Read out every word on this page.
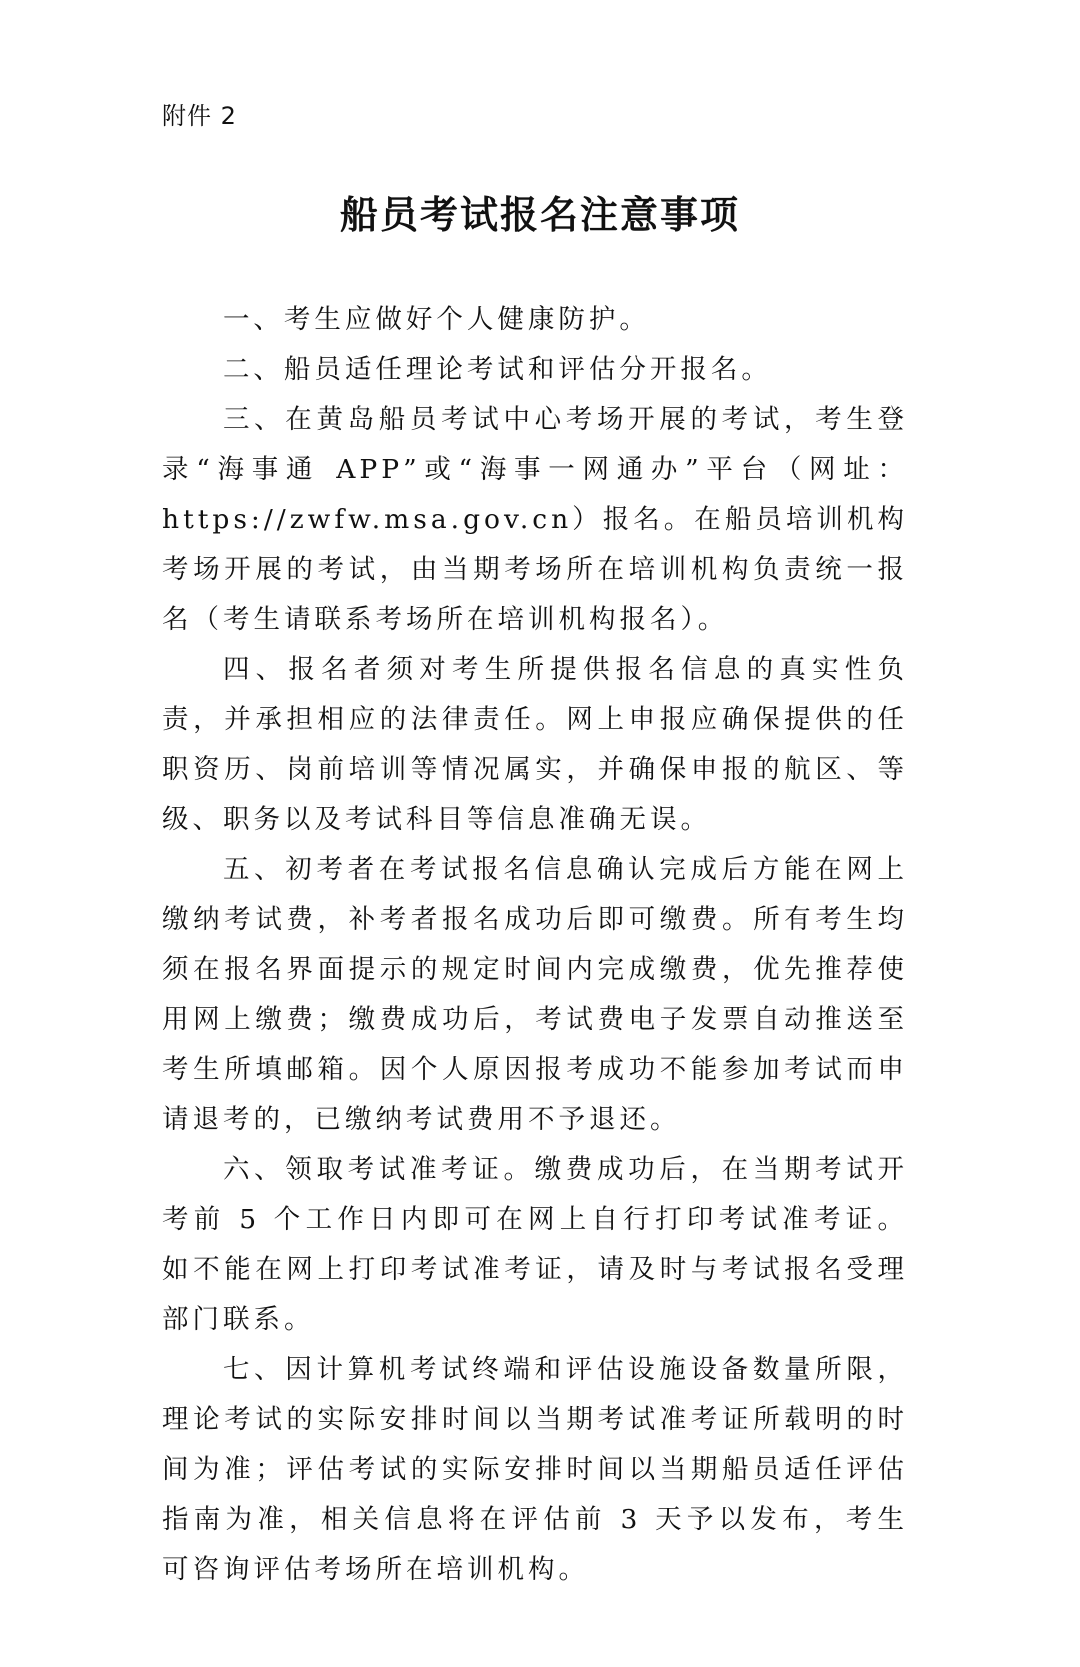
附件 2
船员考试报名注意事项

一、考生应做好个人健康防护。

二、船员适任理论考试和评估分开报名。

三、在黄岛船员考试中心考场开展的考试，考生登录“海事通 APP”或“海事一网通办”平台（网址：https://zwfw.msa.gov.cn）报名。在船员培训机构考场开展的考试，由当期考场所在培训机构负责统一报名（考生请联系考场所在培训机构报名）。

四、报名者须对考生所提供报名信息的真实性负责，并承担相应的法律责任。网上申报应确保提供的任职资历、岗前培训等情况属实，并确保申报的航区、等级、职务以及考试科目等信息准确无误。

五、初考者在考试报名信息确认完成后方能在网上缴纳考试费，补考者报名成功后即可缴费。所有考生均须在报名界面提示的规定时间内完成缴费，优先推荐使用网上缴费；缴费成功后，考试费电子发票自动推送至考生所填邮箱。因个人原因报考成功不能参加考试而申请退考的，已缴纳考试费用不予退还。

六、领取考试准考证。缴费成功后，在当期考试开考前 5 个工作日内即可在网上自行打印考试准考证。如不能在网上打印考试准考证，请及时与考试报名受理部门联系。

七、因计算机考试终端和评估设施设备数量所限，理论考试的实际安排时间以当期考试准考证所载明的时间为准；评估考试的实际安排时间以当期船员适任评估指南为准，相关信息将在评估前 3 天予以发布，考生可咨询评估考场所在培训机构。
